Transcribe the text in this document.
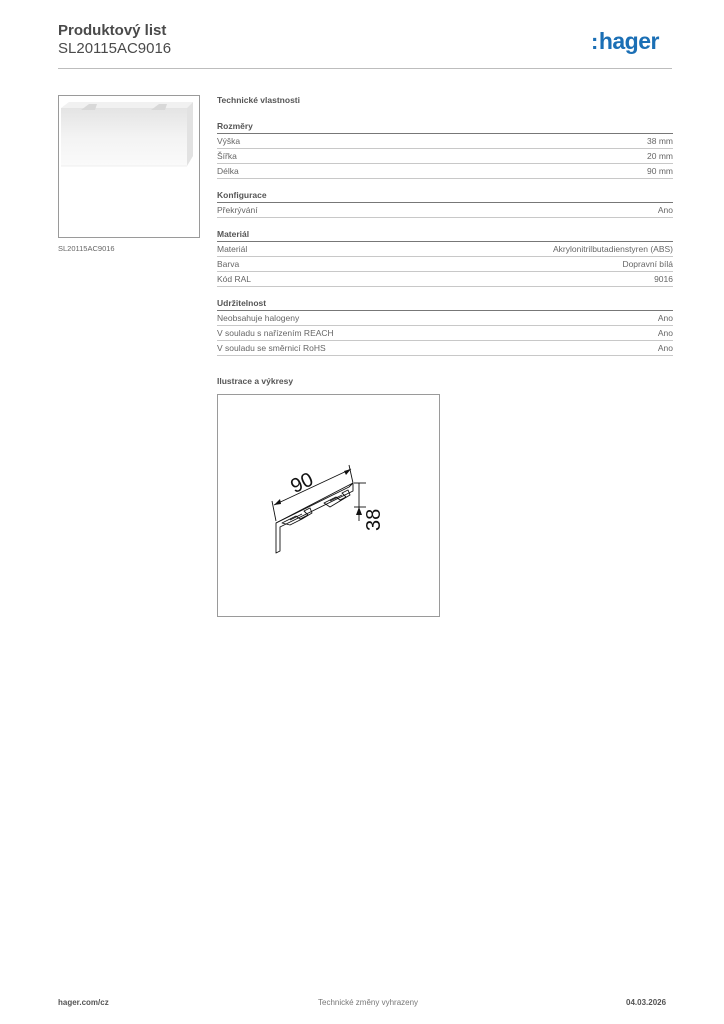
Produktový list
SL20115AC9016	:hager
SL20115AC9016
Technické vlastnosti
Rozměry
Výška	38 mm
Šířka	20 mm
Délka	90 mm
Konfigurace
Překrývání	Ano
Materiál
Materiál	Akrylonitrilbutadienstyren (ABS)
Barva	Dopravní bílá
Kód RAL	9016
Udržitelnost
Neobsahuje halogeny	Ano
V souladu s nařízením REACH	Ano
V souladu se směrnicí RoHS	Ano
Ilustrace a výkresy
90
38
hager.com/cz	Technické změny vyhrazeny	04.03.2026
